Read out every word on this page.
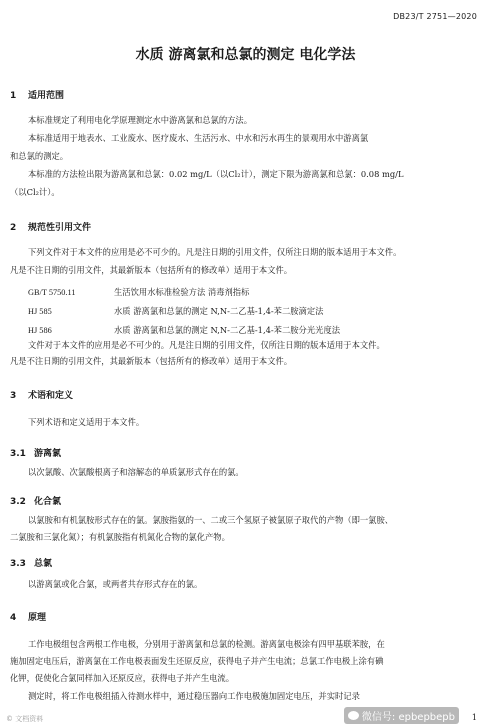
DB23/T 2751—2020
水质 游离氯和总氯的测定 电化学法
1 适用范围
本标准规定了利用电化学原理测定水中游离氯和总氯的方法。
本标准适用于地表水、工业废水、医疗废水、生活污水、中水和污水再生的景观用水中游离氯
和总氯的测定。
本标准的方法检出限为游离氯和总氯：0.02 mg/L（以Cl₂计），测定下限为游离氯和总氯：0.08 mg/L
（以Cl₂计）。
2 规范性引用文件
下列文件对于本文件的应用是必不可少的。凡是注日期的引用文件，仅所注日期的版本适用于本文件。
凡是不注日期的引用文件，其最新版本（包括所有的修改单）适用于本文件。
GB/T 5750.11	生活饮用水标准检验方法 消毒剂指标
HJ 585	水质 游离氯和总氯的测定 N,N-二乙基-1,4-苯二胺滴定法
HJ 586	水质 游离氯和总氯的测定 N,N-二乙基-1,4-苯二胺分光光度法
文件对于本文件的应用是必不可少的。凡是注日期的引用文件，仅所注日期的版本适用于本文件。
凡是不注日期的引用文件，其最新版本（包括所有的修改单）适用于本文件。
3 术语和定义
下列术语和定义适用于本文件。
3.1 游离氯
以次氯酸、次氯酸根离子和溶解态的单质氯形式存在的氯。
3.2 化合氯
以氯胺和有机氯胺形式存在的氯。氯胺指氨的一、二或三个氢原子被氯原子取代的产物（即一氯胺、
二氯胺和三氯化氮）；有机氯胺指有机氮化合物的氯化产物。
3.3 总氯
以游离氯或化合氯，或两者共存形式存在的氯。
4 原理
工作电极组包含两根工作电极，分别用于游离氯和总氯的检测。游离氯电极涂有四甲基联苯胺，在
施加固定电压后，游离氯在工作电极表面发生还原反应，获得电子并产生电流；总氯工作电极上涂有碘
化钾，促使化合氯同样加入还原反应，获得电子并产生电流。
测定时，将工作电极组插入待测水样中，通过稳压器向工作电极施加固定电压，并实时记录
© 文档资料	微信号: epbepbepb 1
